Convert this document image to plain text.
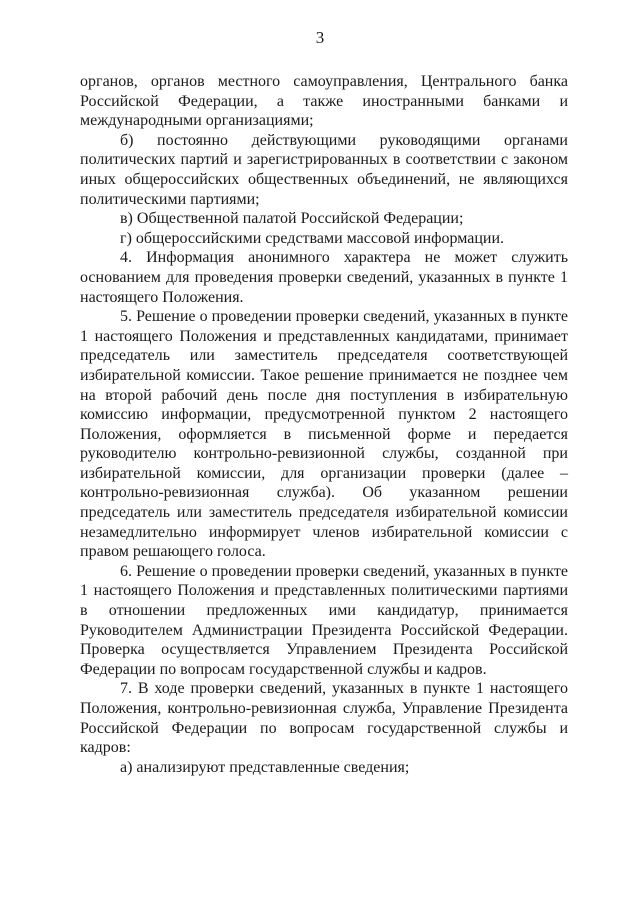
3

органов, органов местного самоуправления, Центрального банка Российской Федерации, а также иностранными банками и международными организациями;

б) постоянно действующими руководящими органами политических партий и зарегистрированных в соответствии с законом иных общероссийских общественных объединений, не являющихся политическими партиями;

в) Общественной палатой Российской Федерации;

г) общероссийскими средствами массовой информации.

4. Информация анонимного характера не может служить основанием для проведения проверки сведений, указанных в пункте 1 настоящего Положения.

5. Решение о проведении проверки сведений, указанных в пункте 1 настоящего Положения и представленных кандидатами, принимает председатель или заместитель председателя соответствующей избирательной комиссии. Такое решение принимается не позднее чем на второй рабочий день после дня поступления в избирательную комиссию информации, предусмотренной пунктом 2 настоящего Положения, оформляется в письменной форме и передается руководителю контрольно-ревизионной службы, созданной при избирательной комиссии, для организации проверки (далее – контрольно-ревизионная служба). Об указанном решении председатель или заместитель председателя избирательной комиссии незамедлительно информирует членов избирательной комиссии с правом решающего голоса.

6. Решение о проведении проверки сведений, указанных в пункте 1 настоящего Положения и представленных политическими партиями в отношении предложенных ими кандидатур, принимается Руководителем Администрации Президента Российской Федерации. Проверка осуществляется Управлением Президента Российской Федерации по вопросам государственной службы и кадров.

7. В ходе проверки сведений, указанных в пункте 1 настоящего Положения, контрольно-ревизионная служба, Управление Президента Российской Федерации по вопросам государственной службы и кадров:

а) анализируют представленные сведения;
